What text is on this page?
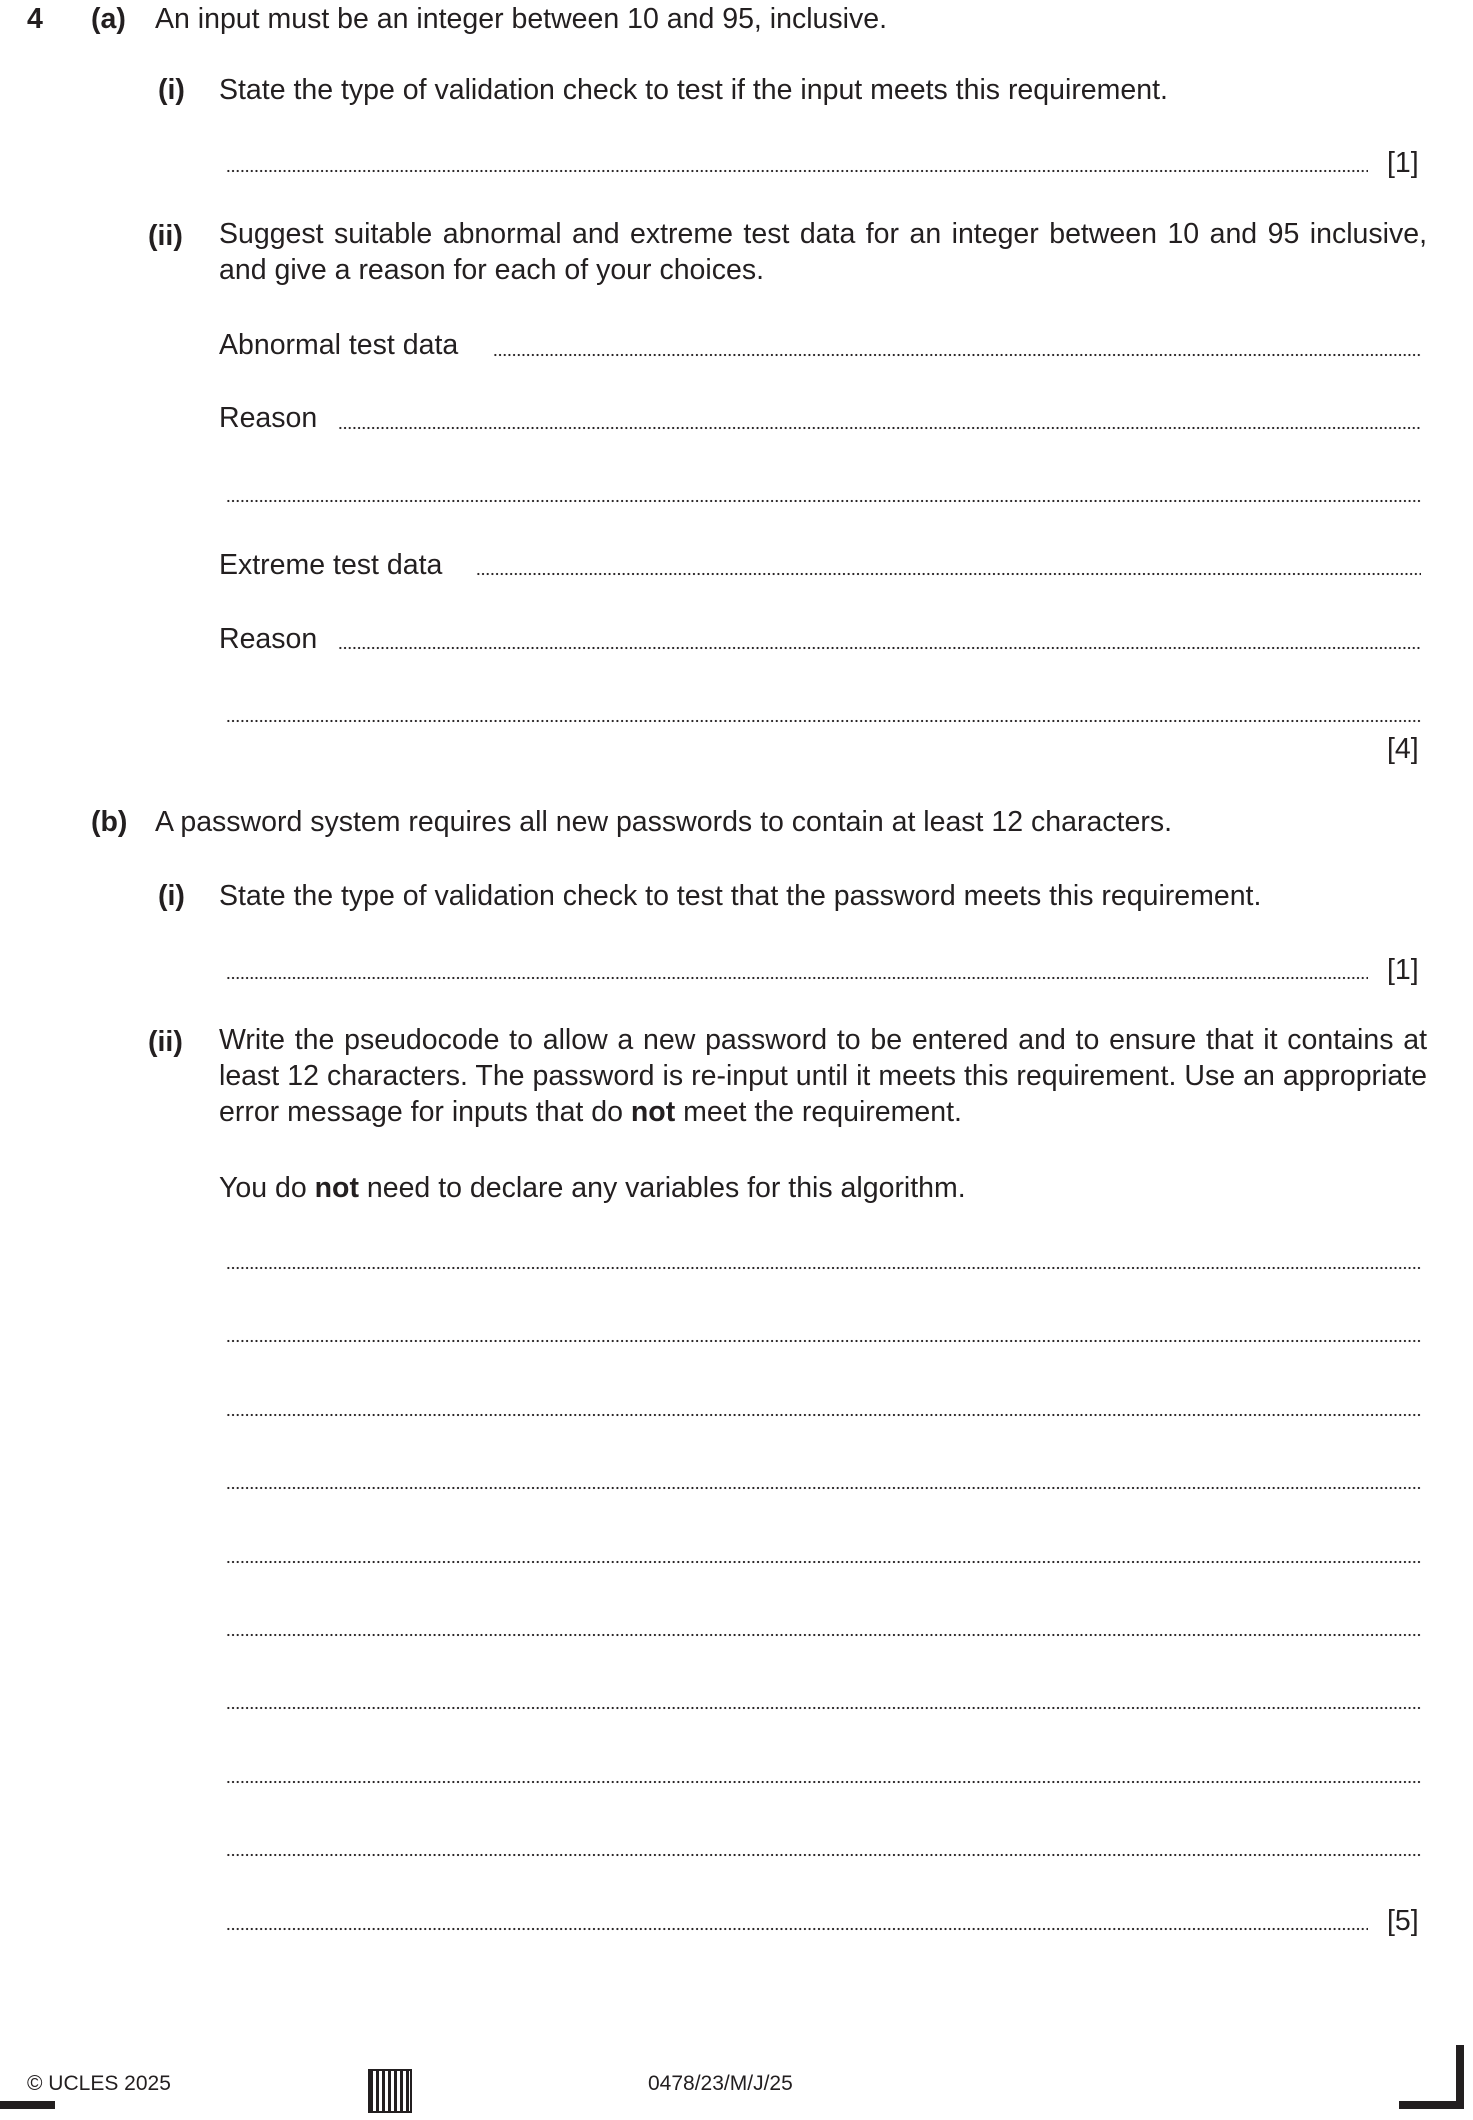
4 (a) An input must be an integer between 10 and 95, inclusive.
(i) State the type of validation check to test if the input meets this requirement.
[1]
(ii) Suggest suitable abnormal and extreme test data for an integer between 10 and 95 inclusive, and give a reason for each of your choices.
Abnormal test data
Reason
Extreme test data
Reason
[4]
(b) A password system requires all new passwords to contain at least 12 characters.
(i) State the type of validation check to test that the password meets this requirement.
[1]
(ii) Write the pseudocode to allow a new password to be entered and to ensure that it contains at least 12 characters. The password is re-input until it meets this requirement. Use an appropriate error message for inputs that do not meet the requirement.
You do not need to declare any variables for this algorithm.
[5]
© UCLES 2025	0478/23/M/J/25
